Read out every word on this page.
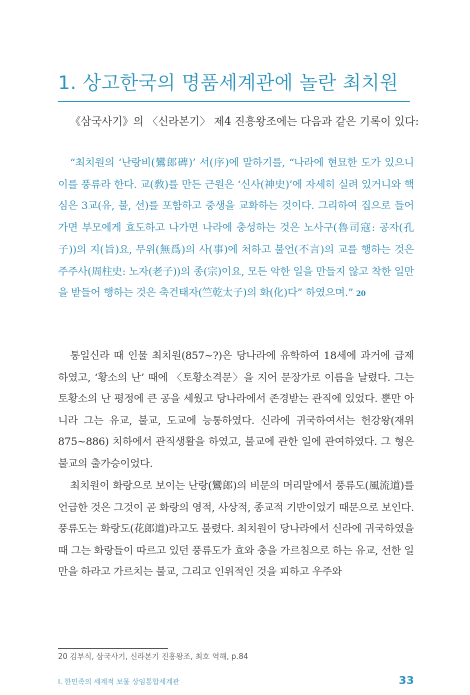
1. 상고한국의 명품세계관에 놀란 최치원
《삼국사기》의 〈신라본기〉 제4 진흥왕조에는 다음과 같은 기록이 있다:

“최치원의 ‘난랑비(鸞郎碑)’ 서(序)에 말하기를, “나라에 현묘한 도가 있으니 이를 풍류라 한다. 교(敎)를 만든 근원은 ‘신사(神史)’에 자세히 실려 있거니와 핵심은 3교(유, 불, 선)를 포함하고 중생을 교화하는 것이다. 그리하여 집으로 들어가면 부모에게 효도하고 나가면 나라에 충성하는 것은 노사구(魯司寇: 공자(孔子))의 지(旨)요, 무위(無爲)의 사(事)에 처하고 불언(不言)의 교를 행하는 것은 주주사(周柱史: 노자(老子))의 종(宗)이요, 모든 악한 일을 만들지 않고 착한 일만을 받들어 행하는 것은 축건태자(竺乾太子)의 화(化)다” 하였으며.” $^{20}$

통일신라 때 인물 최치원(857~?)은 당나라에 유학하여 18세에 과거에 급제하였고, ‘황소의 난’ 때에 〈토황소격문〉을 지어 문장가로 이름을 날렸다. 그는 토황소의 난 평정에 큰 공을 세웠고 당나라에서 존경받는 관직에 있었다. 뿐만 아니라 그는 유교, 불교, 도교에 능통하였다. 신라에 귀국하여서는 헌강왕(재위 875~886) 치하에서 관직생활을 하였고, 불교에 관한 일에 관여하였다. 그 형은 불교의 출가승이었다.

최치원이 화랑으로 보이는 난랑(鸞郎)의 비문의 머리말에서 풍류도(風流道)를 언급한 것은 그것이 곧 화랑의 영적, 사상적, 종교적 기반이었기 때문으로 보인다. 풍류도는 화랑도(花郎道)라고도 불렸다. 최치원이 당나라에서 신라에 귀국하였을 때 그는 화랑들이 따르고 있던 풍류도가 효와 충을 가르침으로 하는 유교, 선한 일만을 하라고 가르치는 불교, 그리고 인위적인 것을 피하고 우주와

20 김부식, 삼국사기, 신라본기 진흥왕조, 최호 역해, p.84
I. 한민족의 세계적 보물 상임통합세계관	33
